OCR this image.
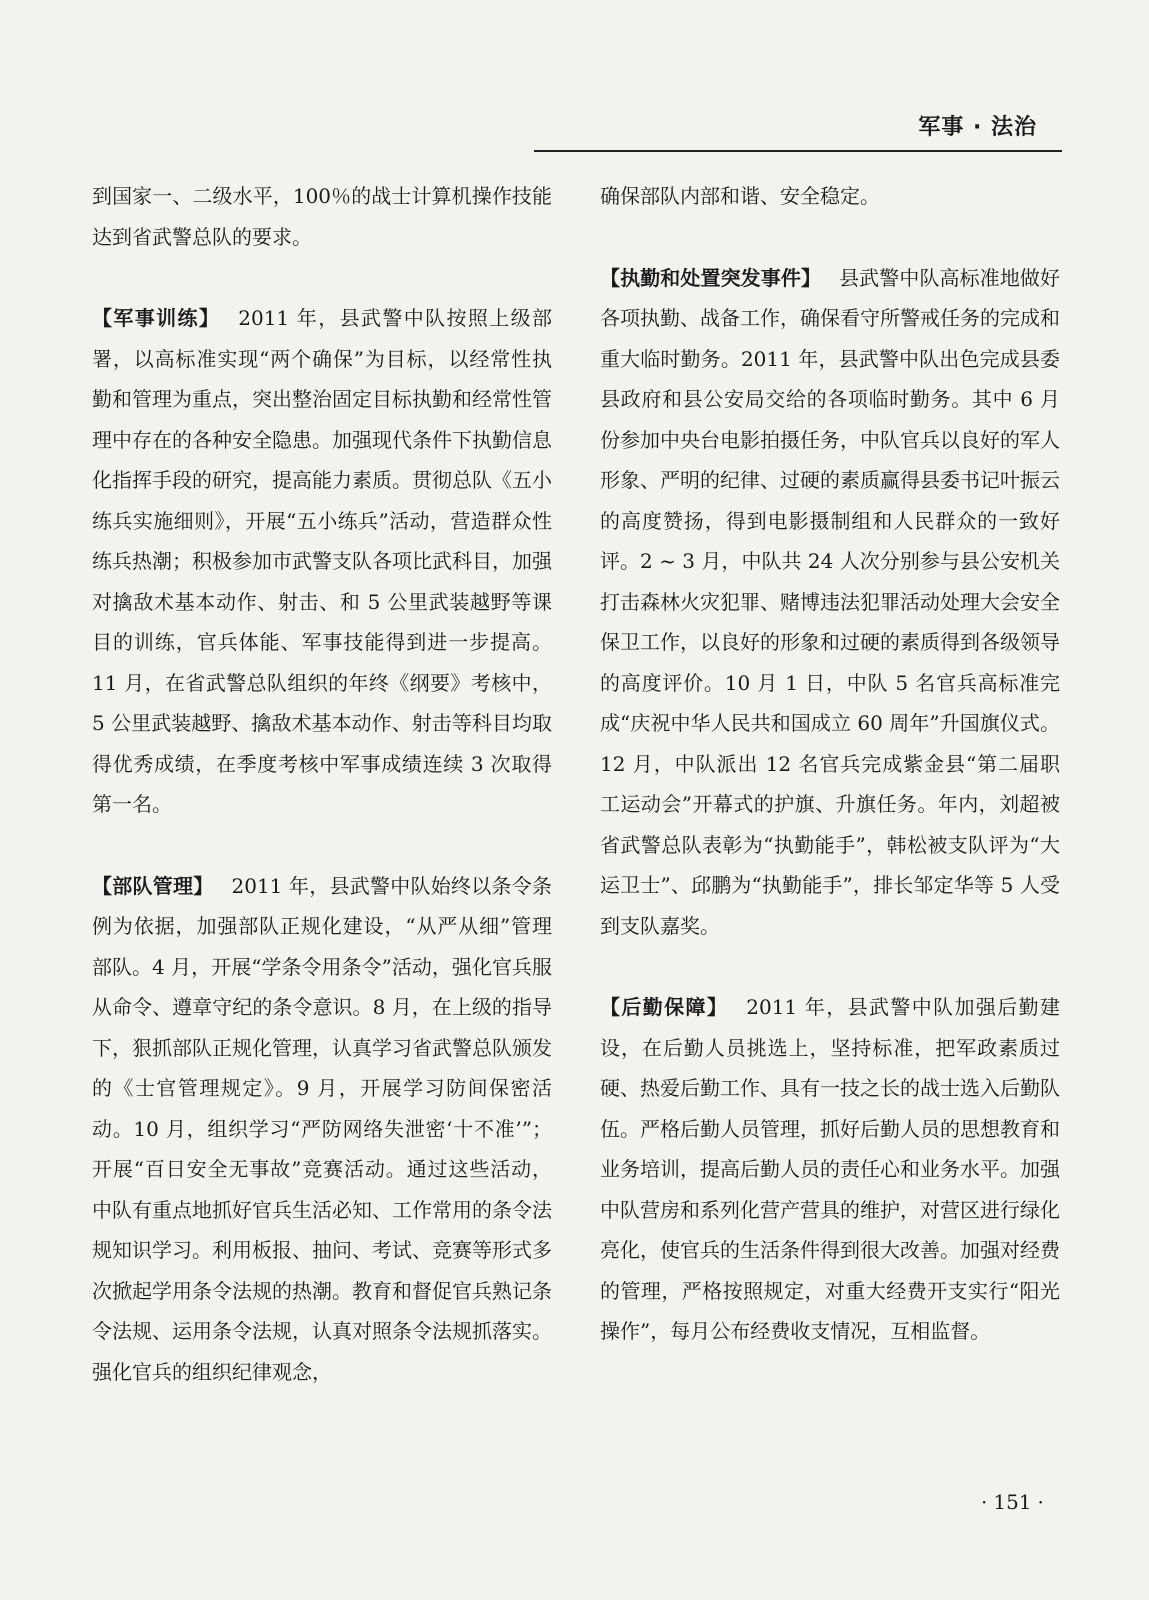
军事 · 法治

到国家一、二级水平，100％的战士计算机操作技能达到省武警总队的要求。

【军事训练】 2011 年，县武警中队按照上级部署，以高标准实现“两个确保”为目标，以经常性执勤和管理为重点，突出整治固定目标执勤和经常性管理中存在的各种安全隐患。加强现代条件下执勤信息化指挥手段的研究，提高能力素质。贯彻总队《五小练兵实施细则》，开展“五小练兵”活动，营造群众性练兵热潮；积极参加市武警支队各项比武科目，加强对擒敌术基本动作、射击、和 5 公里武装越野等课目的训练，官兵体能、军事技能得到进一步提高。11 月，在省武警总队组织的年终《纲要》考核中，5 公里武装越野、擒敌术基本动作、射击等科目均取得优秀成绩，在季度考核中军事成绩连续 3 次取得第一名。

【部队管理】 2011 年，县武警中队始终以条令条例为依据，加强部队正规化建设，“从严从细”管理部队。4 月，开展“学条令用条令”活动，强化官兵服从命令、遵章守纪的条令意识。8 月，在上级的指导下，狠抓部队正规化管理，认真学习省武警总队颁发的《士官管理规定》。9 月，开展学习防间保密活动。10 月，组织学习“严防网络失泄密‘十不准’”；开展“百日安全无事故”竞赛活动。通过这些活动，中队有重点地抓好官兵生活必知、工作常用的条令法规知识学习。利用板报、抽问、考试、竞赛等形式多次掀起学用条令法规的热潮。教育和督促官兵熟记条令法规、运用条令法规，认真对照条令法规抓落实。强化官兵的组织纪律观念，

确保部队内部和谐、安全稳定。

【执勤和处置突发事件】 县武警中队高标准地做好各项执勤、战备工作，确保看守所警戒任务的完成和重大临时勤务。2011 年，县武警中队出色完成县委县政府和县公安局交给的各项临时勤务。其中 6 月份参加中央台电影拍摄任务，中队官兵以良好的军人形象、严明的纪律、过硬的素质赢得县委书记叶振云的高度赞扬，得到电影摄制组和人民群众的一致好评。2 ~ 3 月，中队共 24 人次分别参与县公安机关打击森林火灾犯罪、赌博违法犯罪活动处理大会安全保卫工作，以良好的形象和过硬的素质得到各级领导的高度评价。10 月 1 日，中队 5 名官兵高标准完成“庆祝中华人民共和国成立 60 周年”升国旗仪式。12 月，中队派出 12 名官兵完成紫金县“第二届职工运动会”开幕式的护旗、升旗任务。年内，刘超被省武警总队表彰为“执勤能手”，韩松被支队评为“大运卫士”、邱鹏为“执勤能手”，排长邹定华等 5 人受到支队嘉奖。

【后勤保障】 2011 年，县武警中队加强后勤建设，在后勤人员挑选上，坚持标准，把军政素质过硬、热爱后勤工作、具有一技之长的战士选入后勤队伍。严格后勤人员管理，抓好后勤人员的思想教育和业务培训，提高后勤人员的责任心和业务水平。加强中队营房和系列化营产营具的维护，对营区进行绿化亮化，使官兵的生活条件得到很大改善。加强对经费的管理，严格按照规定，对重大经费开支实行“阳光操作”，每月公布经费收支情况，互相监督。

· 151 ·
